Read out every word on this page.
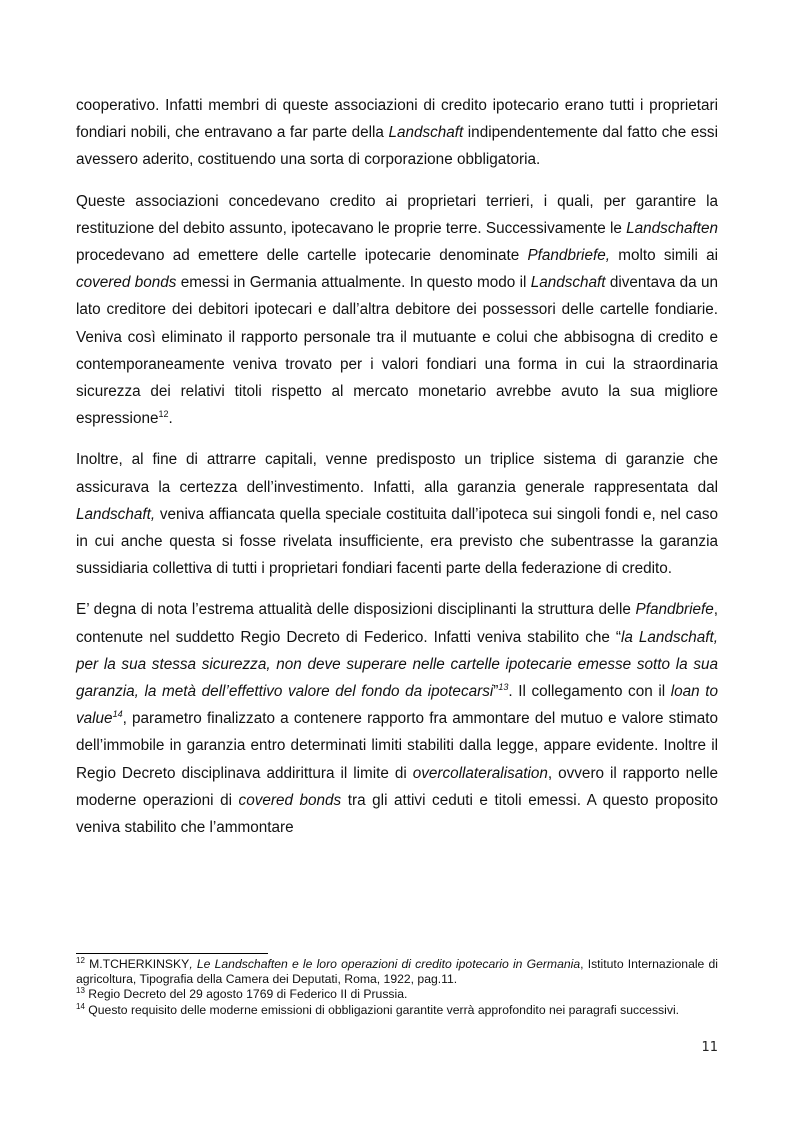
cooperativo. Infatti membri di queste associazioni di credito ipotecario erano tutti i proprietari fondiari nobili, che entravano a far parte della Landschaft indipendentemente dal fatto che essi avessero aderito, costituendo una sorta di corporazione obbligatoria.

Queste associazioni concedevano credito ai proprietari terrieri, i quali, per garantire la restituzione del debito assunto, ipotecavano le proprie terre. Successivamente le Landschaften procedevano ad emettere delle cartelle ipotecarie denominate Pfandbriefe, molto simili ai covered bonds emessi in Germania attualmente. In questo modo il Landschaft diventava da un lato creditore dei debitori ipotecari e dall’altra debitore dei possessori delle cartelle fondiarie. Veniva così eliminato il rapporto personale tra il mutuante e colui che abbisogna di credito e contemporaneamente veniva trovato per i valori fondiari una forma in cui la straordinaria sicurezza dei relativi titoli rispetto al mercato monetario avrebbe avuto la sua migliore espressione$^{12}$.

Inoltre, al fine di attrarre capitali, venne predisposto un triplice sistema di garanzie che assicurava la certezza dell’investimento. Infatti, alla garanzia generale rappresentata dal Landschaft, veniva affiancata quella speciale costituita dall’ipoteca sui singoli fondi e, nel caso in cui anche questa si fosse rivelata insufficiente, era previsto che subentrasse la garanzia sussidiaria collettiva di tutti i proprietari fondiari facenti parte della federazione di credito.

E’ degna di nota l’estrema attualità delle disposizioni disciplinanti la struttura delle Pfandbriefe, contenute nel suddetto Regio Decreto di Federico. Infatti veniva stabilito che “la Landschaft, per la sua stessa sicurezza, non deve superare nelle cartelle ipotecarie emesse sotto la sua garanzia, la metà dell’effettivo valore del fondo da ipotecarsi”$^{13}$. Il collegamento con il loan to value$^{14}$, parametro finalizzato a contenere rapporto fra ammontare del mutuo e valore stimato dell’immobile in garanzia entro determinati limiti stabiliti dalla legge, appare evidente. Inoltre il Regio Decreto disciplinava addirittura il limite di overcollateralisation, ovvero il rapporto nelle moderne operazioni di covered bonds tra gli attivi ceduti e titoli emessi. A questo proposito veniva stabilito che l’ammontare

$^{12}$ M.TCHERKINSKY, Le Landschaften e le loro operazioni di credito ipotecario in Germania, Istituto Internazionale di agricoltura, Tipografia della Camera dei Deputati, Roma, 1922, pag.11.

$^{13}$ Regio Decreto del 29 agosto 1769 di Federico II di Prussia.

$^{14}$ Questo requisito delle moderne emissioni di obbligazioni garantite verrà approfondito nei paragrafi successivi.

11
